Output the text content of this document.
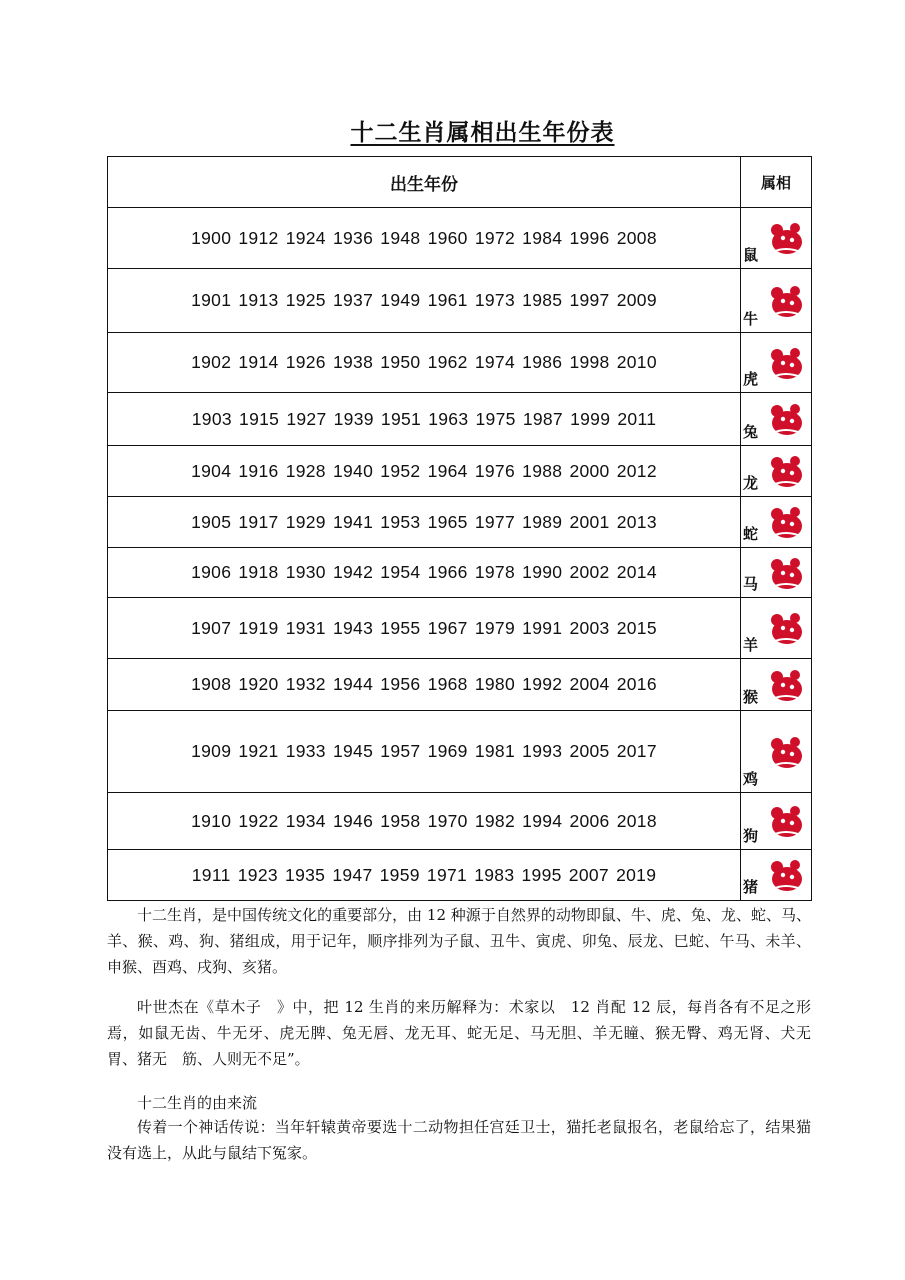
十二生肖属相出生年份表
出生年份	属相
1900 1912 1924 1936 1948 1960 1972 1984 1996 2008	鼠

1901 1913 1925 1937 1949 1961 1973 1985 1997 2009	牛

1902 1914 1926 1938 1950 1962 1974 1986 1998 2010	虎

1903 1915 1927 1939 1951 1963 1975 1987 1999 2011	兔

1904 1916 1928 1940 1952 1964 1976 1988 2000 2012	龙

1905 1917 1929 1941 1953 1965 1977 1989 2001 2013	蛇

1906 1918 1930 1942 1954 1966 1978 1990 2002 2014	马

1907 1919 1931 1943 1955 1967 1979 1991 2003 2015	羊

1908 1920 1932 1944 1956 1968 1980 1992 2004 2016	猴

1909 1921 1933 1945 1957 1969 1981 1993 2005 2017	鸡

1910 1922 1934 1946 1958 1970 1982 1994 2006 2018	狗

1911 1923 1935 1947 1959 1971 1983 1995 2007 2019	猪
十二生肖，是中国传统文化的重要部分，由 12 种源于自然界的动物即鼠、牛、虎、兔、龙、蛇、马、羊、猴、鸡、狗、猪组成，用于记年，顺序排列为子鼠、丑牛、寅虎、卯兔、辰龙、巳蛇、午马、未羊、申猴、酉鸡、戌狗、亥猪。
叶世杰在《草木子　》中，把 12 生肖的来历解释为：术家以　12 肖配 12 辰，每肖各有不足之形焉，如鼠无齿、牛无牙、虎无脾、兔无唇、龙无耳、蛇无足、马无胆、羊无瞳、猴无臀、鸡无肾、犬无胃、猪无　筋、人则无不足”。
十二生肖的由来流
传着一个神话传说：当年轩辕黄帝要选十二动物担任宫廷卫士，猫托老鼠报名，老鼠给忘了，结果猫没有选上，从此与鼠结下冤家。
